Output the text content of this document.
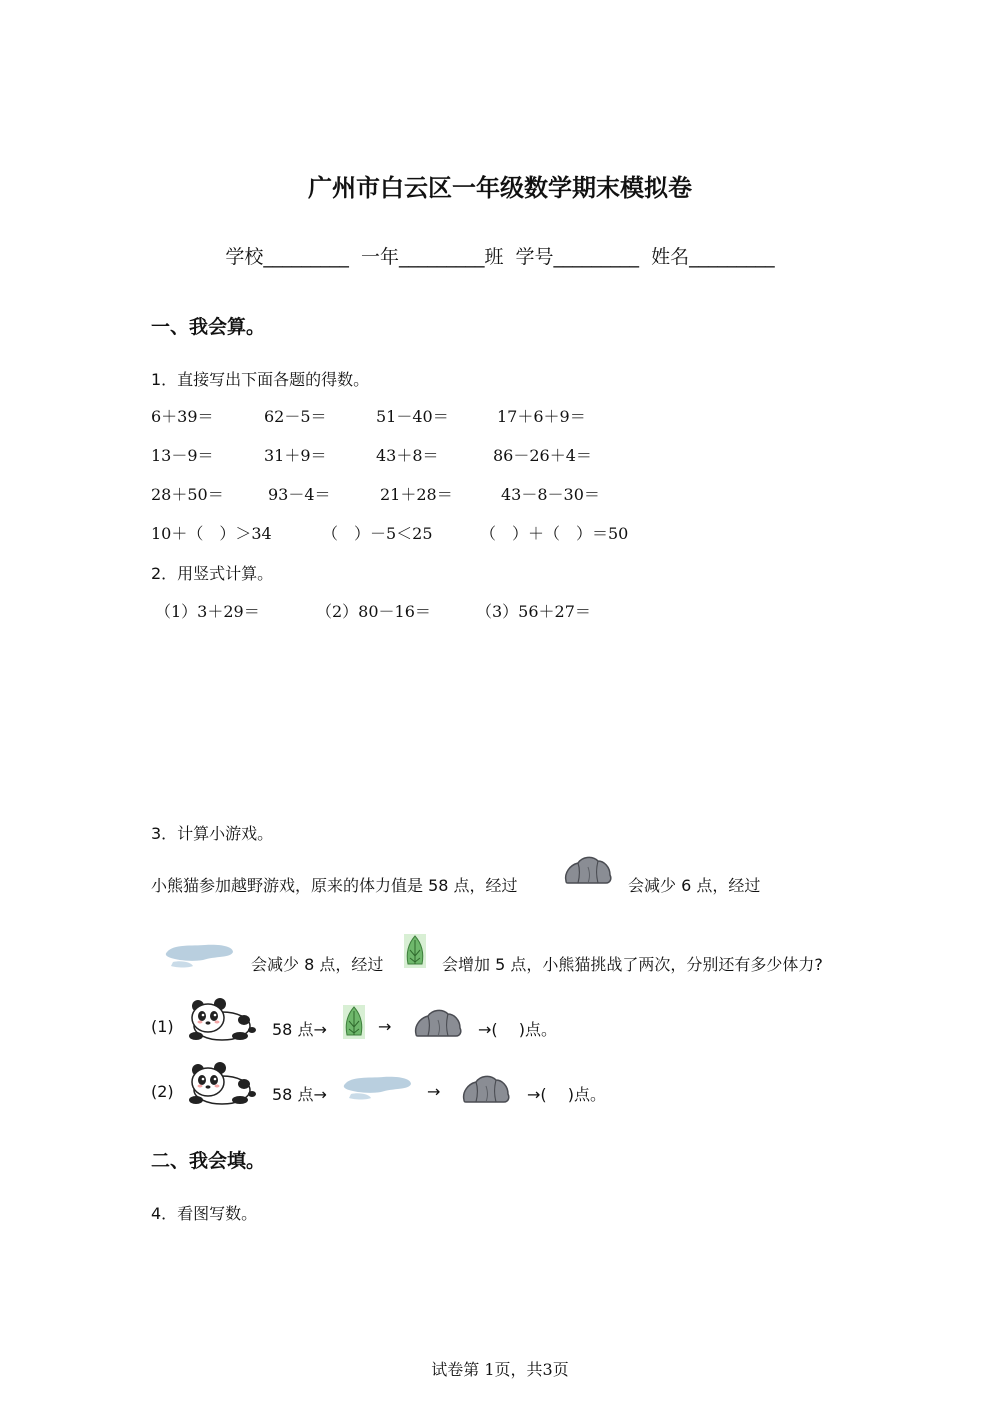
广州市白云区一年级数学期末模拟卷
学校_________ 一年_________班 学号_________ 姓名_________
一、我会算。
1．直接写出下面各题的得数。
6＋39＝	62－5＝	51－40＝	17＋6＋9＝
13－9＝	31＋9＝	43＋8＝	86－26＋4＝
28＋50＝	93－4＝	21＋28＝	43－8－30＝
10＋（　）＞34	（　）－5＜25	（　）＋（　）＝50
2．用竖式计算。
（1）3＋29＝	（2）80－16＝	（3）56＋27＝
3．计算小游戏。
小熊猫参加越野游戏，原来的体力值是 58 点，经过	会减少 6 点，经过
会减少 8 点，经过	会增加 5 点，小熊猫挑战了两次，分别还有多少体力?
(1)	58 点→	→	→(　 )点。
(2)	58 点→	→	→(　 )点。
二、我会填。
4．看图写数。
试卷第 1页，共3页
